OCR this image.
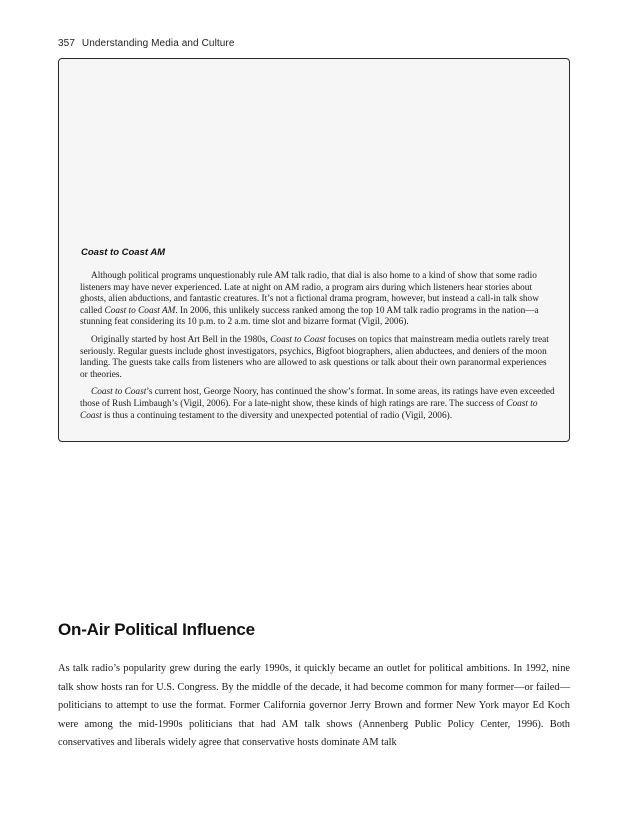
357 Understanding Media and Culture
Coast to Coast AM

Although political programs unquestionably rule AM talk radio, that dial is also home to a kind of show that some radio listeners may have never experienced. Late at night on AM radio, a program airs during which listeners hear stories about ghosts, alien abductions, and fantastic creatures. It’s not a fictional drama program, however, but instead a call-in talk show called Coast to Coast AM. In 2006, this unlikely success ranked among the top 10 AM talk radio programs in the nation—a stunning feat considering its 10 p.m. to 2 a.m. time slot and bizarre format (Vigil, 2006).

Originally started by host Art Bell in the 1980s, Coast to Coast focuses on topics that mainstream media outlets rarely treat seriously. Regular guests include ghost investigators, psychics, Bigfoot biographers, alien abductees, and deniers of the moon landing. The guests take calls from listeners who are allowed to ask questions or talk about their own paranormal experiences or theories.

Coast to Coast’s current host, George Noory, has continued the show’s format. In some areas, its ratings have even exceeded those of Rush Limbaugh’s (Vigil, 2006). For a late-night show, these kinds of high ratings are rare. The success of Coast to Coast is thus a continuing testament to the diversity and unexpected potential of radio (Vigil, 2006).

On-Air Political Influence

As talk radio’s popularity grew during the early 1990s, it quickly became an outlet for political ambitions. In 1992, nine talk show hosts ran for U.S. Congress. By the middle of the decade, it had become common for many former—or failed—politicians to attempt to use the format. Former California governor Jerry Brown and former New York mayor Ed Koch were among the mid-1990s politicians that had AM talk shows (Annenberg Public Policy Center, 1996). Both conservatives and liberals widely agree that conservative hosts dominate AM talk
